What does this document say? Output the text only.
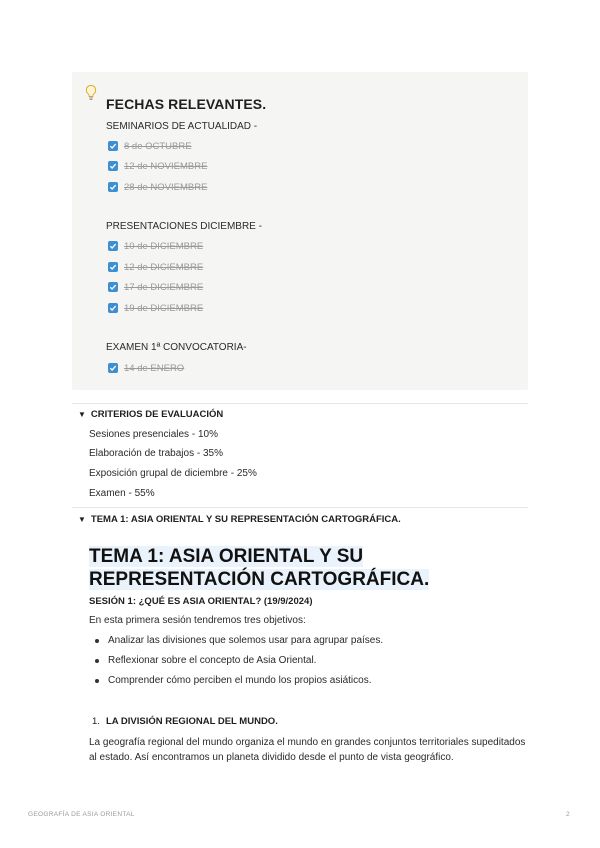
FECHAS RELEVANTES.
SEMINARIOS DE ACTUALIDAD -
8 de OCTUBRE
12 de NOVIEMBRE
28 de NOVIEMBRE
PRESENTACIONES DICIEMBRE -
10 de DICIEMBRE
12 de DICIEMBRE
17 de DICIEMBRE
19 de DICIEMBRE
EXAMEN 1ª CONVOCATORIA-
14 de ENERO
▼ CRITERIOS DE EVALUACIÓN
Sesiones presenciales - 10%
Elaboración de trabajos - 35%
Exposición grupal de diciembre - 25%
Examen - 55%
▼ TEMA 1: ASIA ORIENTAL Y SU REPRESENTACIÓN CARTOGRÁFICA.
TEMA 1: ASIA ORIENTAL Y SU REPRESENTACIÓN CARTOGRÁFICA.
SESIÓN 1: ¿QUÉ ES ASIA ORIENTAL? (19/9/2024)
En esta primera sesión tendremos tres objetivos:
Analizar las divisiones que solemos usar para agrupar países.
Reflexionar sobre el concepto de Asia Oriental.
Comprender cómo perciben el mundo los propios asiáticos.
1. LA DIVISIÓN REGIONAL DEL MUNDO.
La geografía regional del mundo organiza el mundo en grandes conjuntos territoriales supeditados al estado. Así encontramos un planeta dividido desde el punto de vista geográfico.
GEOGRAFÍA DE ASIA ORIENTAL	2
